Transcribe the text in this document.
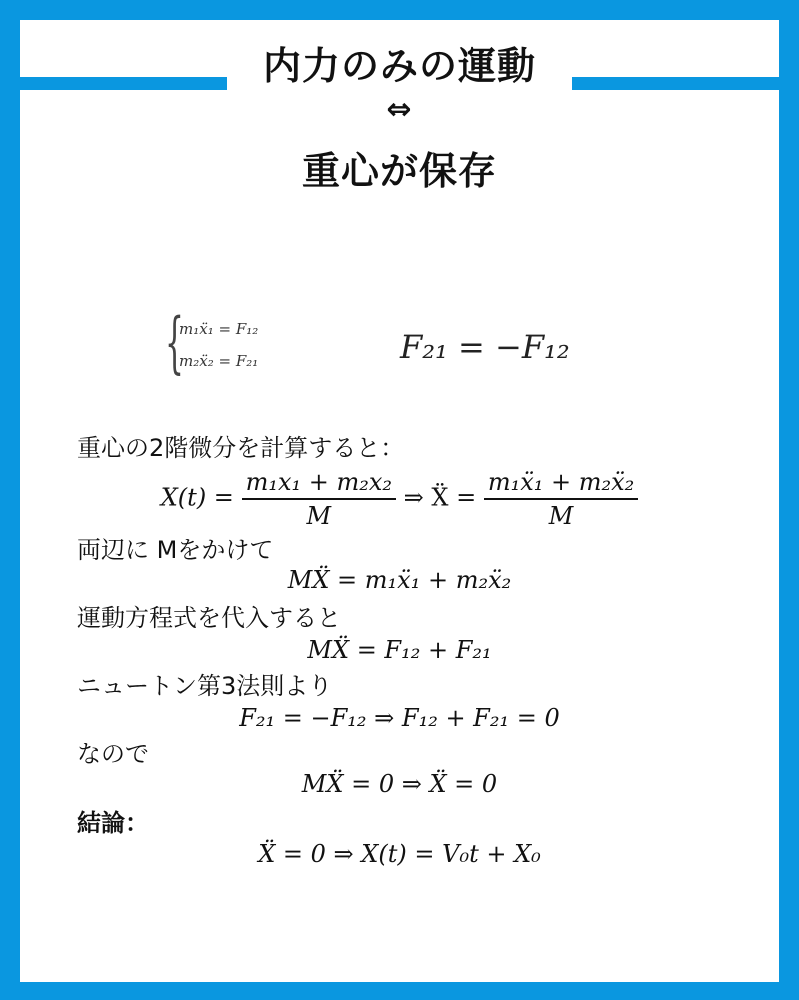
内力のみの運動
⇔
重心が保存
{
m₁ẍ₁ = F₁₂
m₂ẍ₂ = F₂₁	F₂₁ = −F₁₂
重心の2階微分を計算すると：
$X(t) = \frac{\text{m₁x₁ + m₂x₂}}{M}$ ⇒ Ẍ = $\frac{\text{m₁ẍ₁ + m₂ẍ₂}}{M}$
両辺に Mをかけて
MẌ = m₁ẍ₁ + m₂ẍ₂
運動方程式を代入すると
MẌ = F₁₂ + F₂₁
ニュートン第3法則より
F₂₁ = −F₁₂ ⇒ F₁₂ + F₂₁ = 0
なので
MẌ = 0 ⇒ Ẍ = 0
結論：
Ẍ = 0 ⇒ X(t) = V₀t + X₀
